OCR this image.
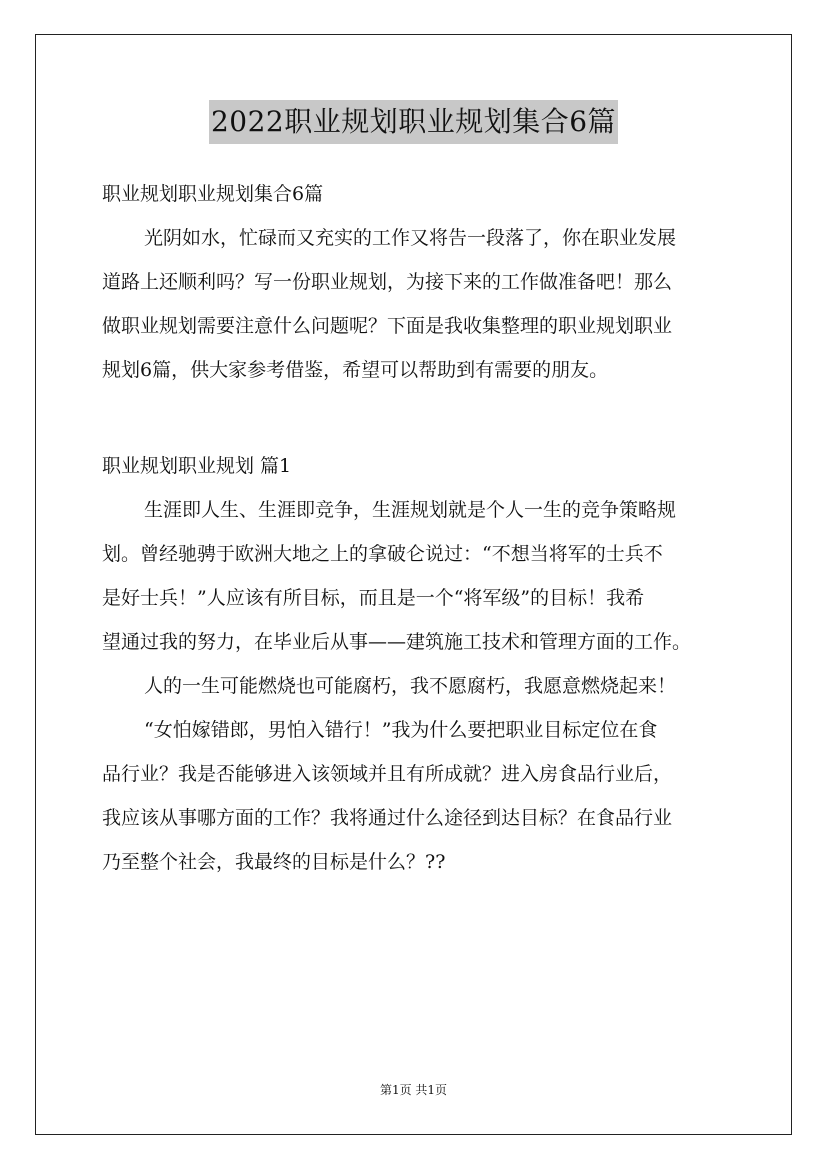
2022职业规划职业规划集合6篇
职业规划职业规划集合6篇
光阴如水，忙碌而又充实的工作又将告一段落了，你在职业发展
道路上还顺利吗？写一份职业规划，为接下来的工作做准备吧！那么
做职业规划需要注意什么问题呢？下面是我收集整理的职业规划职业
规划6篇，供大家参考借鉴，希望可以帮助到有需要的朋友。
职业规划职业规划 篇1
生涯即人生、生涯即竞争，生涯规划就是个人一生的竞争策略规
划。曾经驰骋于欧洲大地之上的拿破仑说过：“不想当将军的士兵不
是好士兵！”人应该有所目标，而且是一个“将军级”的目标！我希
望通过我的努力，在毕业后从事——建筑施工技术和管理方面的工作。
人的一生可能燃烧也可能腐朽，我不愿腐朽，我愿意燃烧起来！
“女怕嫁错郎，男怕入错行！”我为什么要把职业目标定位在食
品行业？我是否能够进入该领域并且有所成就？进入房食品行业后，
我应该从事哪方面的工作？我将通过什么途径到达目标？在食品行业
乃至整个社会，我最终的目标是什么？??
第1页 共1页
